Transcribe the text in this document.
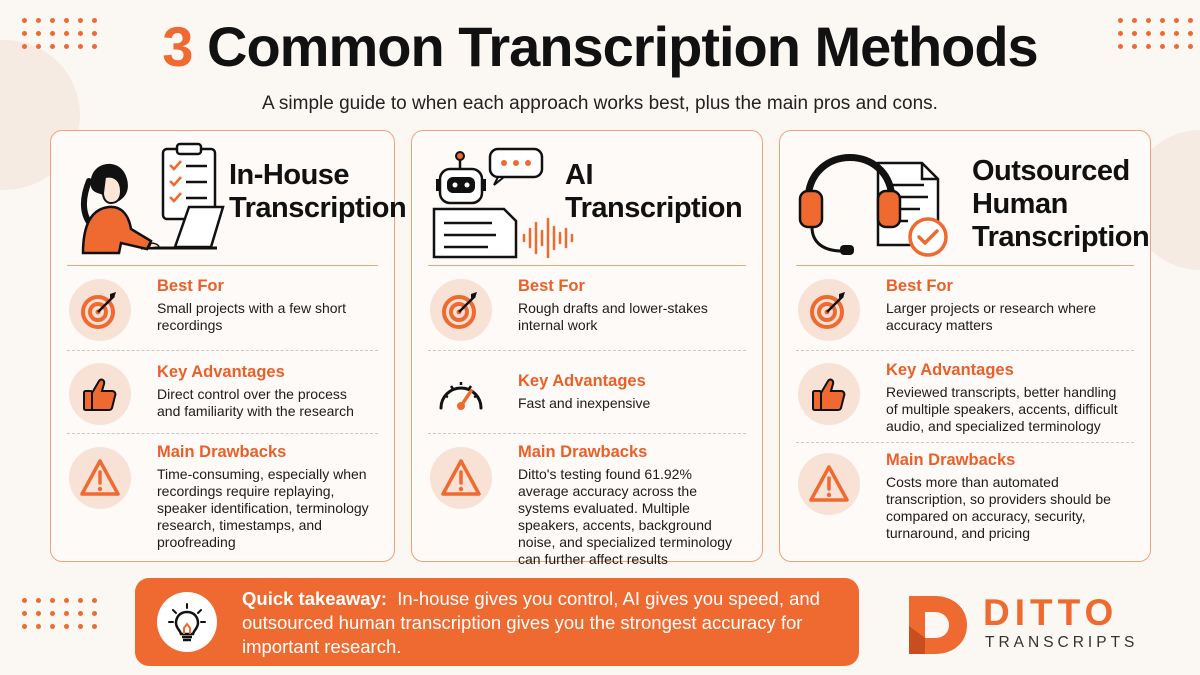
3 Common Transcription Methods
A simple guide to when each approach works best, plus the main pros and cons.
In-House
Transcription
Best For

Small projects with a few short recordings

Key Advantages

Direct control over the process and familiarity with the research

Main Drawbacks

Time-consuming, especially when recordings require replaying, speaker identification, terminology research, timestamps, and proofreading

AI
Transcription
Best For

Rough drafts and lower-stakes internal work

Key Advantages

Fast and inexpensive

Main Drawbacks

Ditto's testing found 61.92% average accuracy across the systems evaluated. Multiple speakers, accents, background noise, and specialized terminology can further affect results

Outsourced
Human
Transcription
Best For

Larger projects or research where accuracy matters

Key Advantages

Reviewed transcripts, better handling of multiple speakers, accents, difficult audio, and specialized terminology

Main Drawbacks

Costs more than automated transcription, so providers should be compared on accuracy, security, turnaround, and pricing

Quick takeaway: In-house gives you control, AI gives you speed, and outsourced human transcription gives you the strongest accuracy for important research.
DITTO
TRANSCRIPTS
